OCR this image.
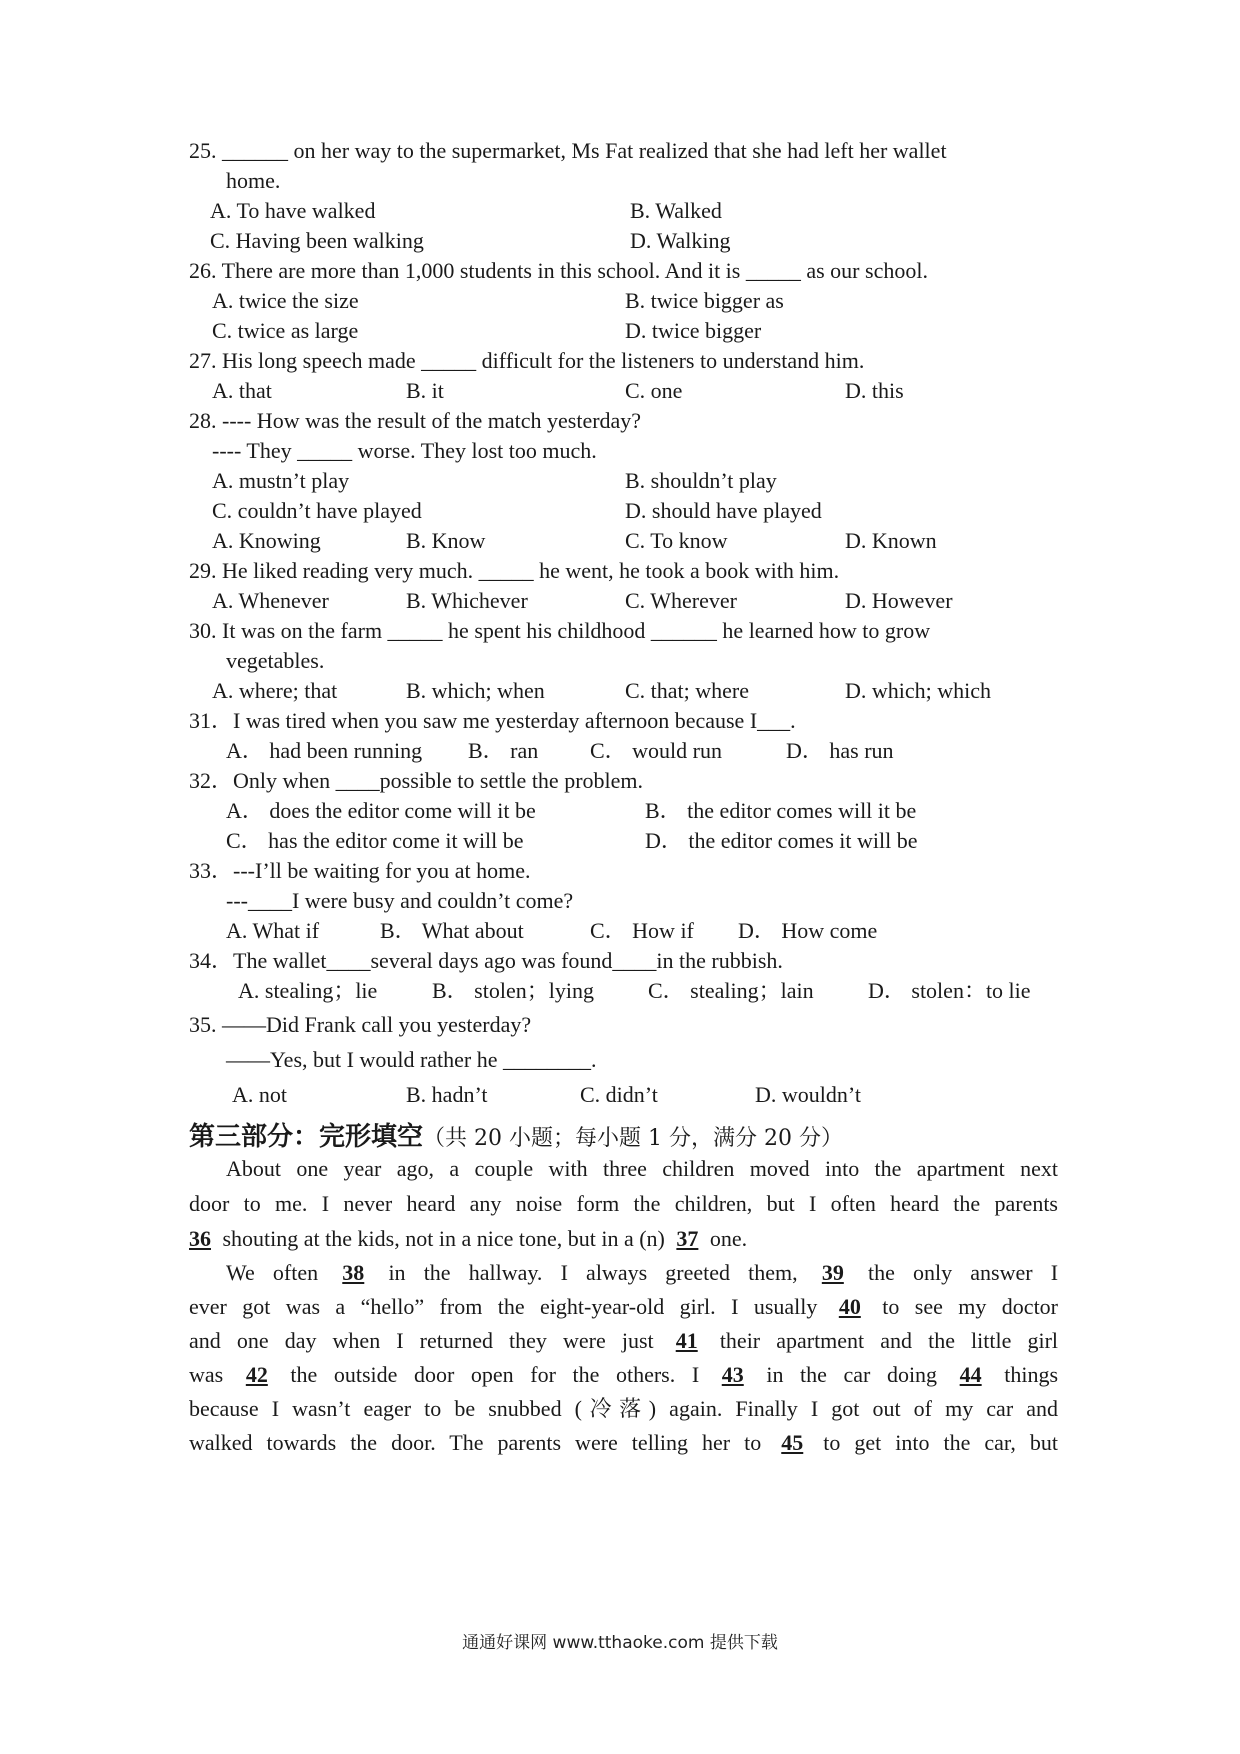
25. ______ on her way to the supermarket, Ms Fat realized that she had left her wallet
home.
A. To have walked	B. Walked
C. Having been walking	D. Walking
26. There are more than 1,000 students in this school. And it is _____ as our school.
A. twice the size	B. twice bigger as
C. twice as large	D. twice bigger
27. His long speech made _____ difficult for the listeners to understand him.
A. that	B. it	C. one	D. this
28. ---- How was the result of the match yesterday?
---- They _____ worse. They lost too much.
A. mustn’t play	B. shouldn’t play
C. couldn’t have played	D. should have played
A. Knowing	B. Know	C. To know	D. Known
29. He liked reading very much. _____ he went, he took a book with him.
A. Whenever	B. Whichever	C. Wherever	D. However
30. It was on the farm _____ he spent his childhood ______ he learned how to grow
vegetables.
A. where; that	B. which; when	C. that; where	D. which; which
31．I was tired when you saw me yesterday afternoon because I___.
A． had been running B． ran C． would run	D． has run
32．Only when ____possible to settle the problem.
A． does the editor come will it be	B． the editor comes will it be
C． has the editor come it will be	D． the editor comes it will be
33．---I’ll be waiting for you at home.
---____I were busy and couldn’t come?
A. What if	B． What about	C． How if D． How come
34．The wallet____several days ago was found____in the rubbish.
A. stealing；lie B． stolen；lying C． stealing；lain D． stolen：to lie
35. ——Did Frank call you yesterday?
——Yes, but I would rather he ________.
A. not	B. hadn’t	C. didn’t	D. wouldn’t
第三部分：完形填空（共 20 小题；每小题 1 分，满分 20 分）
About one year ago, a couple with three children moved into the apartment next
door to me. I never heard any noise form the children, but I often heard the parents
36 shouting at the kids, not in a nice tone, but in a (n) 37 one.
We often 38 in the hallway. I always greeted them, 39 the only answer I
ever got was a “hello” from the eight-year-old girl. I usually 40 to see my doctor
and one day when I returned they were just 41 their apartment and the little girl
was 42 the outside door open for the others. I 43 in the car doing 44 things
because I wasn’t eager to be snubbed (冷落) again. Finally I got out of my car and
walked towards the door. The parents were telling her to 45 to get into the car, but
通通好课网 www.tthaoke.com 提供下载
